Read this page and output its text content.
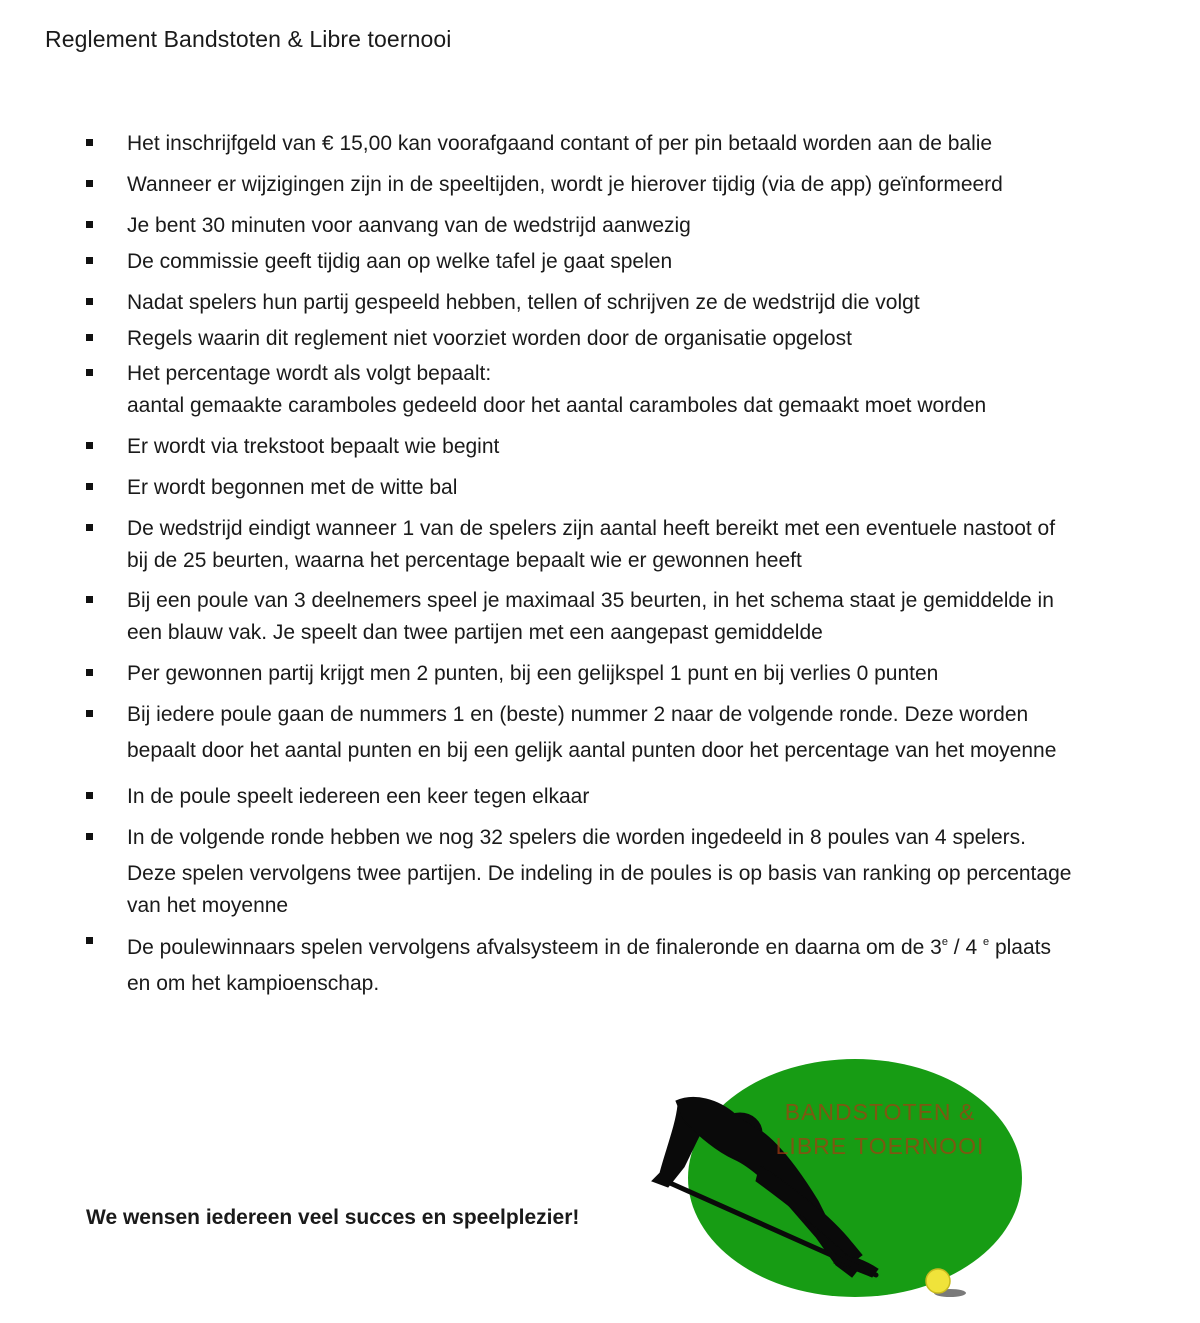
Reglement Bandstoten & Libre toernooi
Het inschrijfgeld van € 15,00 kan voorafgaand contant of per pin betaald worden aan de balie
Wanneer er wijzigingen zijn in de speeltijden, wordt je hierover tijdig (via de app) geïnformeerd
Je bent 30 minuten voor aanvang van de wedstrijd aanwezig
De commissie geeft tijdig aan op welke tafel je gaat spelen
Nadat spelers hun partij gespeeld hebben, tellen of schrijven ze de wedstrijd die volgt
Regels waarin dit reglement niet voorziet worden door de organisatie opgelost
Het percentage wordt als volgt bepaalt:
aantal gemaakte caramboles gedeeld door het aantal caramboles dat gemaakt moet worden
Er wordt via trekstoot bepaalt wie begint
Er wordt begonnen met de witte bal
De wedstrijd eindigt wanneer 1 van de spelers zijn aantal heeft bereikt met een eventuele nastoot of
bij de 25 beurten, waarna het percentage bepaalt wie er gewonnen heeft
Bij een poule van 3 deelnemers speel je maximaal 35 beurten, in het schema staat je gemiddelde in
een blauw vak. Je speelt dan twee partijen met een aangepast gemiddelde
Per gewonnen partij krijgt men 2 punten, bij een gelijkspel 1 punt en bij verlies 0 punten
Bij iedere poule gaan de nummers 1 en (beste) nummer 2 naar de volgende ronde. Deze worden
bepaalt door het aantal punten en bij een gelijk aantal punten door het percentage van het moyenne
In de poule speelt iedereen een keer tegen elkaar
In de volgende ronde hebben we nog 32 spelers die worden ingedeeld in 8 poules van 4 spelers.
Deze spelen vervolgens twee partijen. De indeling in de poules is op basis van ranking op percentage
van het moyenne
De poulewinnaars spelen vervolgens afvalsysteem in de finaleronde en daarna om de 3e / 4 $^e$ plaats
en om het kampioenschap.
We wensen iedereen veel succes en speelplezier!
BANDSTOTEN &
LIBRE TOERNOOI
